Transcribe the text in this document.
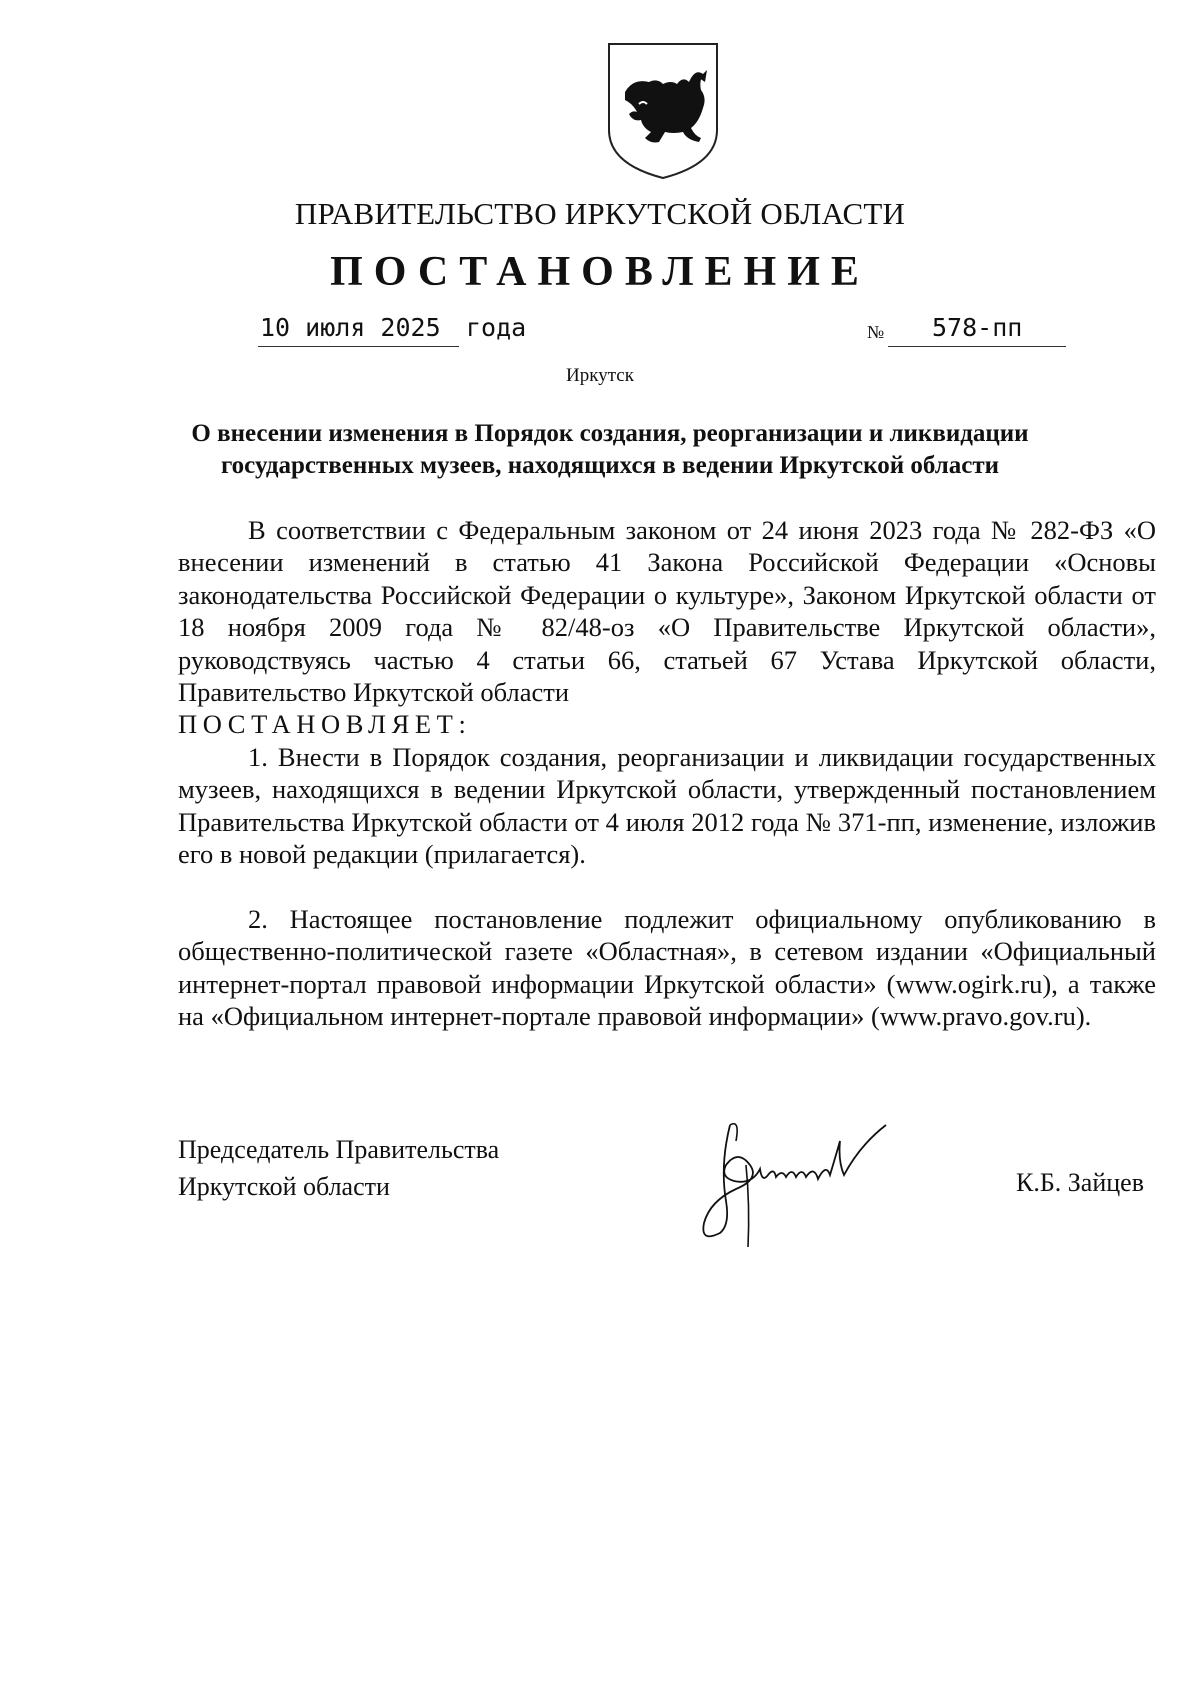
ПРАВИТЕЛЬСТВО ИРКУТСКОЙ ОБЛАСТИ
ПОСТАНОВЛЕНИЕ
10 июля 2025 года	№ 578-пп
Иркутск
О внесении изменения в Порядок создания, реорганизации и ликвидации
государственных музеев, находящихся в ведении Иркутской области
В соответствии с Федеральным законом от 24 июня 2023 года № 282-ФЗ «О внесении изменений в статью 41 Закона Российской Федерации «Основы законодательства Российской Федерации о культуре», Законом Иркутской области от 18 ноября 2009 года № 82/48-оз «О Правительстве Иркутской области», руководствуясь частью 4 статьи 66, статьей 67 Устава Иркутской области, Правительство Иркутской области
ПОСТАНОВЛЯЕТ:
1. Внести в Порядок создания, реорганизации и ликвидации государственных музеев, находящихся в ведении Иркутской области, утвержденный постановлением Правительства Иркутской области от 4 июля 2012 года № 371-пп, изменение, изложив его в новой редакции (прилагается).
2. Настоящее постановление подлежит официальному опубликованию в общественно-политической газете «Областная», в сетевом издании «Официальный интернет-портал правовой информации Иркутской области» (www.ogirk.ru), а также на «Официальном интернет-портале правовой информации» (www.pravo.gov.ru).
Председатель Правительства
Иркутской области	К.Б. Зайцев
